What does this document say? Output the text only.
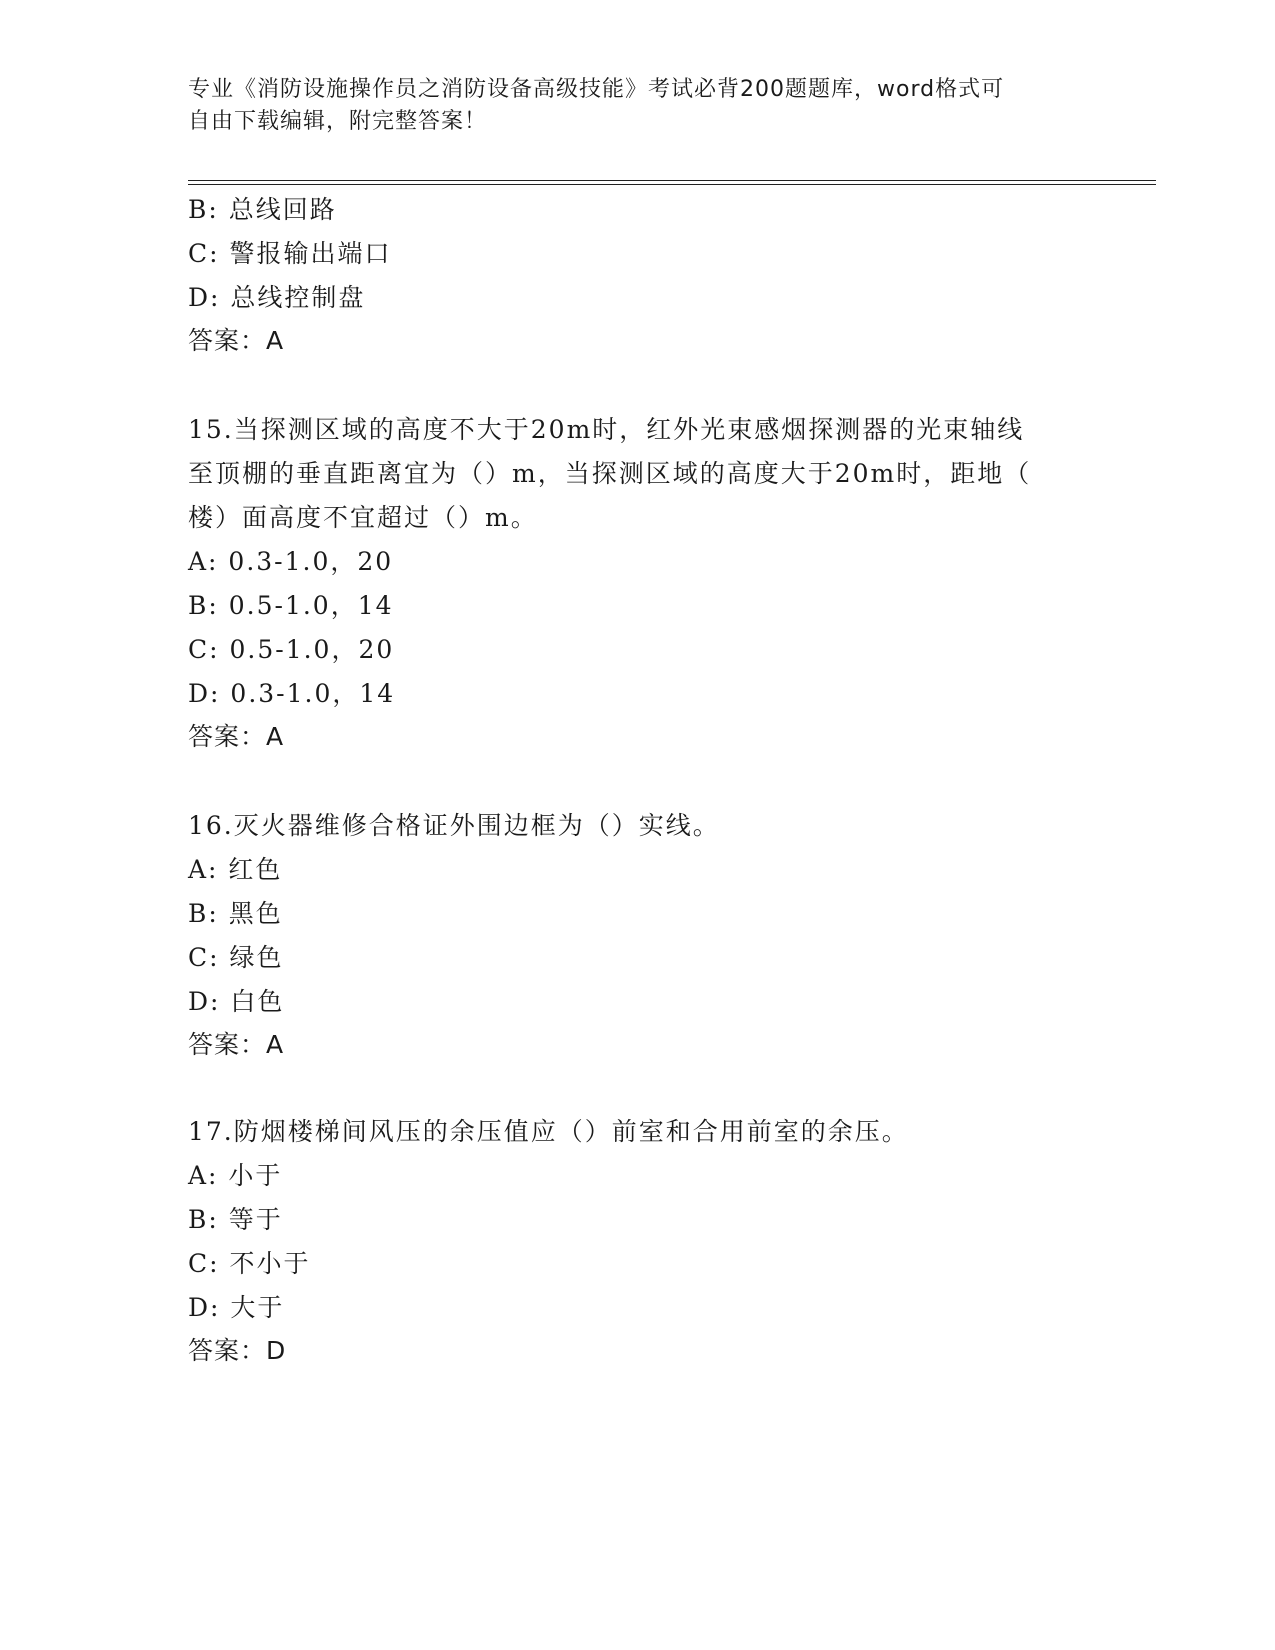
专业《消防设施操作员之消防设备高级技能》考试必背200题题库，word格式可
自由下载编辑，附完整答案！
B: 总线回路
C: 警报输出端口
D: 总线控制盘
答案：A
15.当探测区域的高度不大于20m时，红外光束感烟探测器的光束轴线
至顶棚的垂直距离宜为（）m，当探测区域的高度大于20m时，距地（
楼）面高度不宜超过（）m。
A: 0.3-1.0，20
B: 0.5-1.0，14
C: 0.5-1.0，20
D: 0.3-1.0，14
答案：A
16.灭火器维修合格证外围边框为（）实线。
A: 红色
B: 黑色
C: 绿色
D: 白色
答案：A
17.防烟楼梯间风压的余压值应（）前室和合用前室的余压。
A: 小于
B: 等于
C: 不小于
D: 大于
答案：D
